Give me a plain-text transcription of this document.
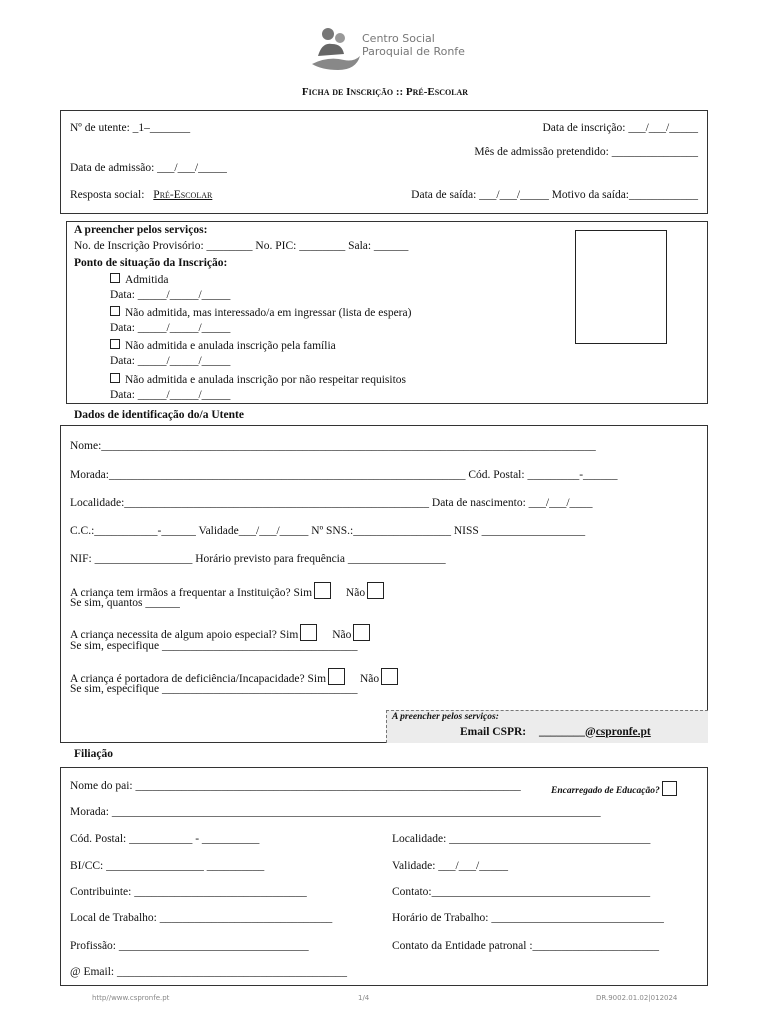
Centro Social
Paroquial de Ronfe
Ficha de Inscrição :: Pré-Escolar
Nº de utente: _1–_______	Data de inscrição: ___/___/_____
Mês de admissão pretendido: _______________
Data de admissão: ___/___/_____
Resposta social: Pré-Escolar	Data de saída: ___/___/_____ Motivo da saída:____________
A preencher pelos serviços:
No. de Inscrição Provisório: ________ No. PIC: ________ Sala: ______
Ponto de situação da Inscrição:
Admitida
Data: _____/_____/_____
Não admitida, mas interessado/a em ingressar (lista de espera)
Data: _____/_____/_____
Não admitida e anulada inscrição pela família
Data: _____/_____/_____
Não admitida e anulada inscrição por não respeitar requisitos
Data: _____/_____/_____
Dados de identificação do/a Utente
Nome:______________________________________________________________________________________
Morada:______________________________________________________________ Cód. Postal: _________-______
Localidade:_____________________________________________________ Data de nascimento: ___/___/____
C.C.:___________-______ Validade___/___/_____ Nº SNS.:_________________ NISS __________________
NIF: _________________ Horário previsto para frequência _________________
A criança tem irmãos a frequentar a Instituição? Sim	Não
Se sim, quantos ______
A criança necessita de algum apoio especial? Sim	Não
Se sim, especifique __________________________________
A criança é portadora de deficiência/Incapacidade? Sim	Não
Se sim, especifique __________________________________
A preencher pelos serviços:
Email CSPR: ________@cspronfe.pt
Filiação
Nome do pai: ___________________________________________________________________	Encarregado de Educação?
Morada: _____________________________________________________________________________________
Cód. Postal: ___________ - __________	Localidade: ___________________________________
BI/CC: _________________ __________	Validade: ___/___/_____
Contribuinte: ______________________________	Contato:______________________________________
Local de Trabalho: ______________________________	Horário de Trabalho: ______________________________
Profissão: _________________________________	Contato da Entidade patronal :______________________
@ Email: ________________________________________
http//www.cspronfe.pt	1/4	DR.9002.01.02|012024
